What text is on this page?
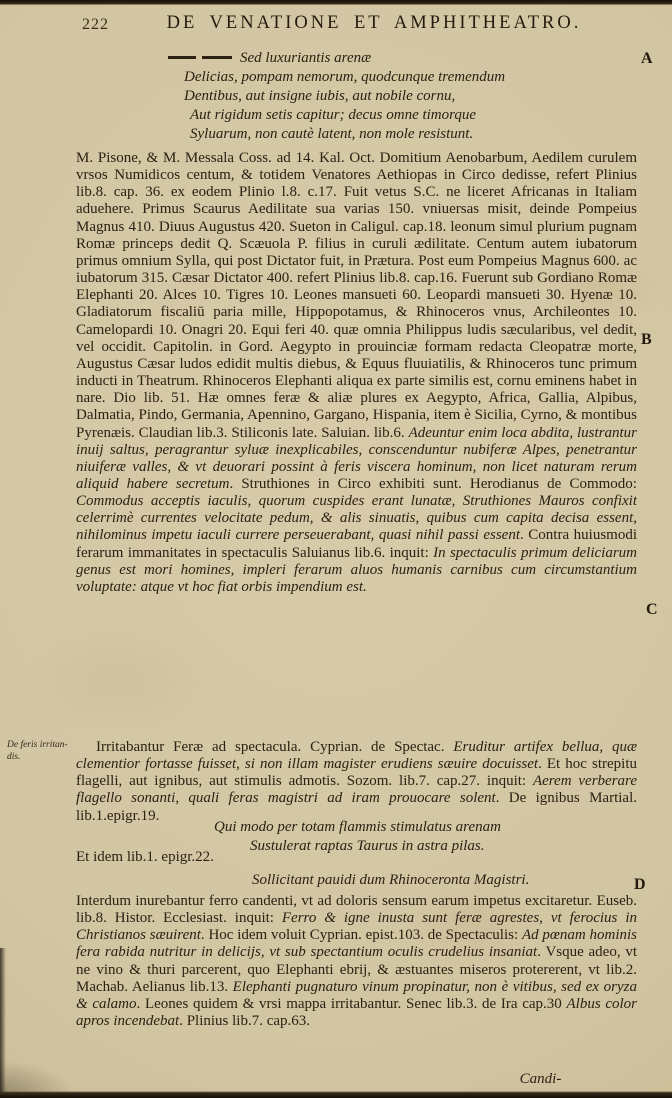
222	DE VENATIONE ET AMPHITHEATRO.
A
B
C
D
De feris irritan-
dis.
Sed luxuriantis arenæ
Delicias, pompam nemorum, quodcunque tremendum
Dentibus, aut insigne iubis, aut nobile cornu,
Aut rigidum setis capitur; decus omne timorque
Syluarum, non cautè latent, non mole resistunt.
M. Pisone, & M. Messala Coss. ad 14. Kal. Oct. Domitium Aenobarbum, Aedilem curulem vrsos Numidicos centum, & totidem Venatores Aethiopas in Circo dedisse, refert Plinius lib.8. cap. 36. ex eodem Plinio l.8. c.17. Fuit vetus S.C. ne liceret Africanas in Italiam aduehere. Primus Scaurus Aedilitate sua varias 150. vniuersas misit, deinde Pompeius Magnus 410. Diuus Augustus 420. Sueton in Caligul. cap.18. leonum simul plurium pugnam Romæ princeps dedit Q. Scæuola P. filius in curuli ædilitate. Centum autem iubatorum primus omnium Sylla, qui post Dictator fuit, in Prætura. Post eum Pompeius Magnus 600. ac iubatorum 315. Cæsar Dictator 400. refert Plinius lib.8. cap.16. Fuerunt sub Gordiano Romæ Elephanti 20. Alces 10. Tigres 10. Leones mansueti 60. Leopardi mansueti 30. Hyenæ 10. Gladiatorum fiscaliū paria mille, Hippopotamus, & Rhinoceros vnus, Archileontes 10. Camelopardi 10. Onagri 20. Equi feri 40. quæ omnia Philippus ludis sæcularibus, vel dedit, vel occidit. Capitolin. in Gord. Aegypto in prouinciæ formam redacta Cleopatræ morte, Augustus Cæsar ludos edidit multis diebus, & Equus fluuiatilis, & Rhinoceros tunc primum inducti in Theatrum. Rhinoceros Elephanti aliqua ex parte similis est, cornu eminens habet in nare. Dio lib. 51. Hæ omnes feræ & aliæ plures ex Aegypto, Africa, Gallia, Alpibus, Dalmatia, Pindo, Germania, Apennino, Gargano, Hispania, item è Sicilia, Cyrno, & montibus Pyrenæis. Claudian lib.3. Stiliconis late. Saluian. lib.6. Adeuntur enim loca abdita, lustrantur inuij saltus, peragrantur syluæ inexplicabiles, conscenduntur nubiferæ Alpes, penetrantur niuiferæ valles, & vt deuorari possint à feris viscera hominum, non licet naturam rerum aliquid habere secretum. Struthiones in Circo exhibiti sunt. Herodianus de Commodo: Commodus acceptis iaculis, quorum cuspides erant lunatæ, Struthiones Mauros confixit celerrimè currentes velocitate pedum, & alis sinuatis, quibus cum capita decisa essent, nihilominus impetu iaculi currere perseuerabant, quasi nihil passi essent. Contra huiusmodi ferarum immanitates in spectaculis Saluianus lib.6. inquit: In spectaculis primum deliciarum genus est mori homines, impleri ferarum aluos humanis carnibus cum circumstantium voluptate: atque vt hoc fiat orbis impendium est.
Irritabantur Feræ ad spectacula. Cyprian. de Spectac. Eruditur artifex bellua, quæ clementior fortasse fuisset, si non illam magister erudiens sæuire docuisset. Et hoc strepitu flagelli, aut ignibus, aut stimulis admotis. Sozom. lib.7. cap.27. inquit: Aerem verberare flagello sonanti, quali feras magistri ad iram prouocare solent. De ignibus Martial. lib.1.epigr.19.
Qui modo per totam flammis stimulatus arenam
Sustulerat raptas Taurus in astra pilas.
Et idem lib.1. epigr.22.
Sollicitant pauidi dum Rhinoceronta Magistri.
Interdum inurebantur ferro candenti, vt ad doloris sensum earum impetus excitaretur. Euseb. lib.8. Histor. Ecclesiast. inquit: Ferro & igne inusta sunt feræ agrestes, vt ferocius in Christianos sæuirent. Hoc idem voluit Cyprian. epist.103. de Spectaculis: Ad pœnam hominis fera rabida nutritur in delicijs, vt sub spectantium oculis crudelius insaniat. Vsque adeo, vt ne vino & thuri parcerent, quo Elephanti ebrij, & æstuantes miseros protererent, vt lib.2. Machab. Aelianus lib.13. Elephanti pugnaturo vinum propinatur, non è vitibus, sed ex oryza & calamo. Leones quidem & vrsi mappa irritabantur. Senec lib.3. de Ira cap.30 Albus color apros incendebat. Plinius lib.7. cap.63.
Candi-
